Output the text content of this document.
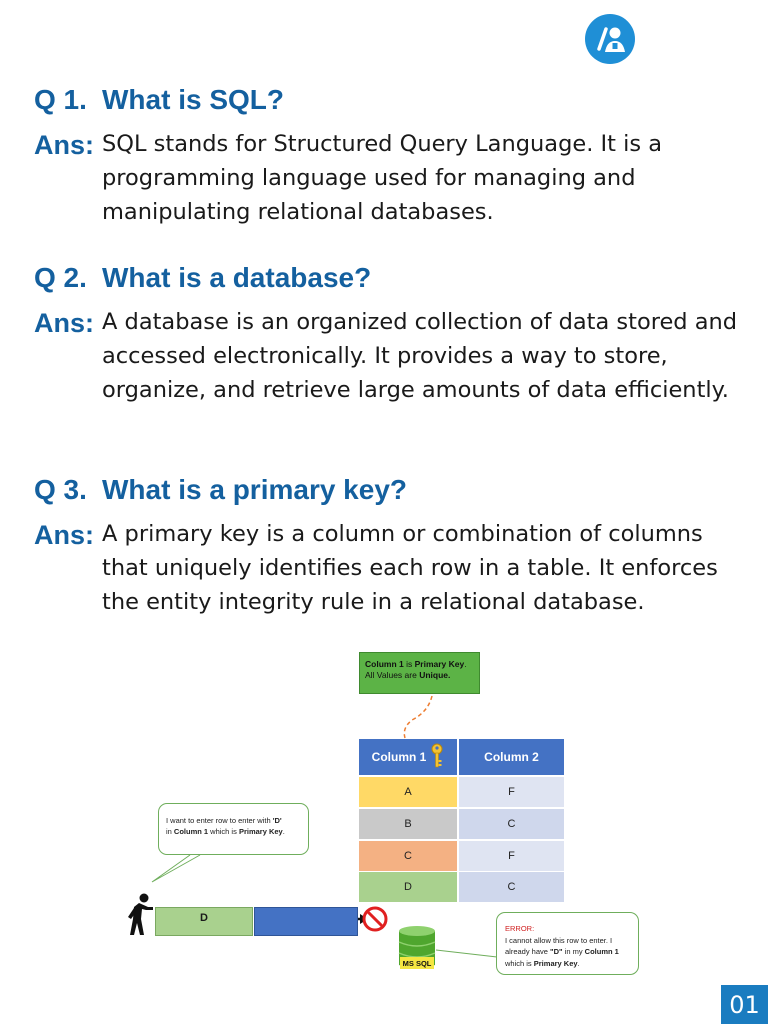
Q 1. What is SQL?
Ans: SQL stands for Structured Query Language. It is a programming language used for managing and manipulating relational databases.
Q 2. What is a database?
Ans: A database is an organized collection of data stored and accessed electronically. It provides a way to store, organize, and retrieve large amounts of data efficiently.
Q 3. What is a primary key?
Ans: A primary key is a column or combination of columns that uniquely identifies each row in a table. It enforces the entity integrity rule in a relational database.
Column 1 is Primary Key.
All Values are Unique.
Column 1	Column 2
A	F
B	C
C	F
D	C
I want to enter row to enter with 'D'
in Column 1 which is Primary Key.
D
MS SQL
ERROR:
I cannot allow this row to enter. I
already have "D" in my Column 1
which is Primary Key.
01
